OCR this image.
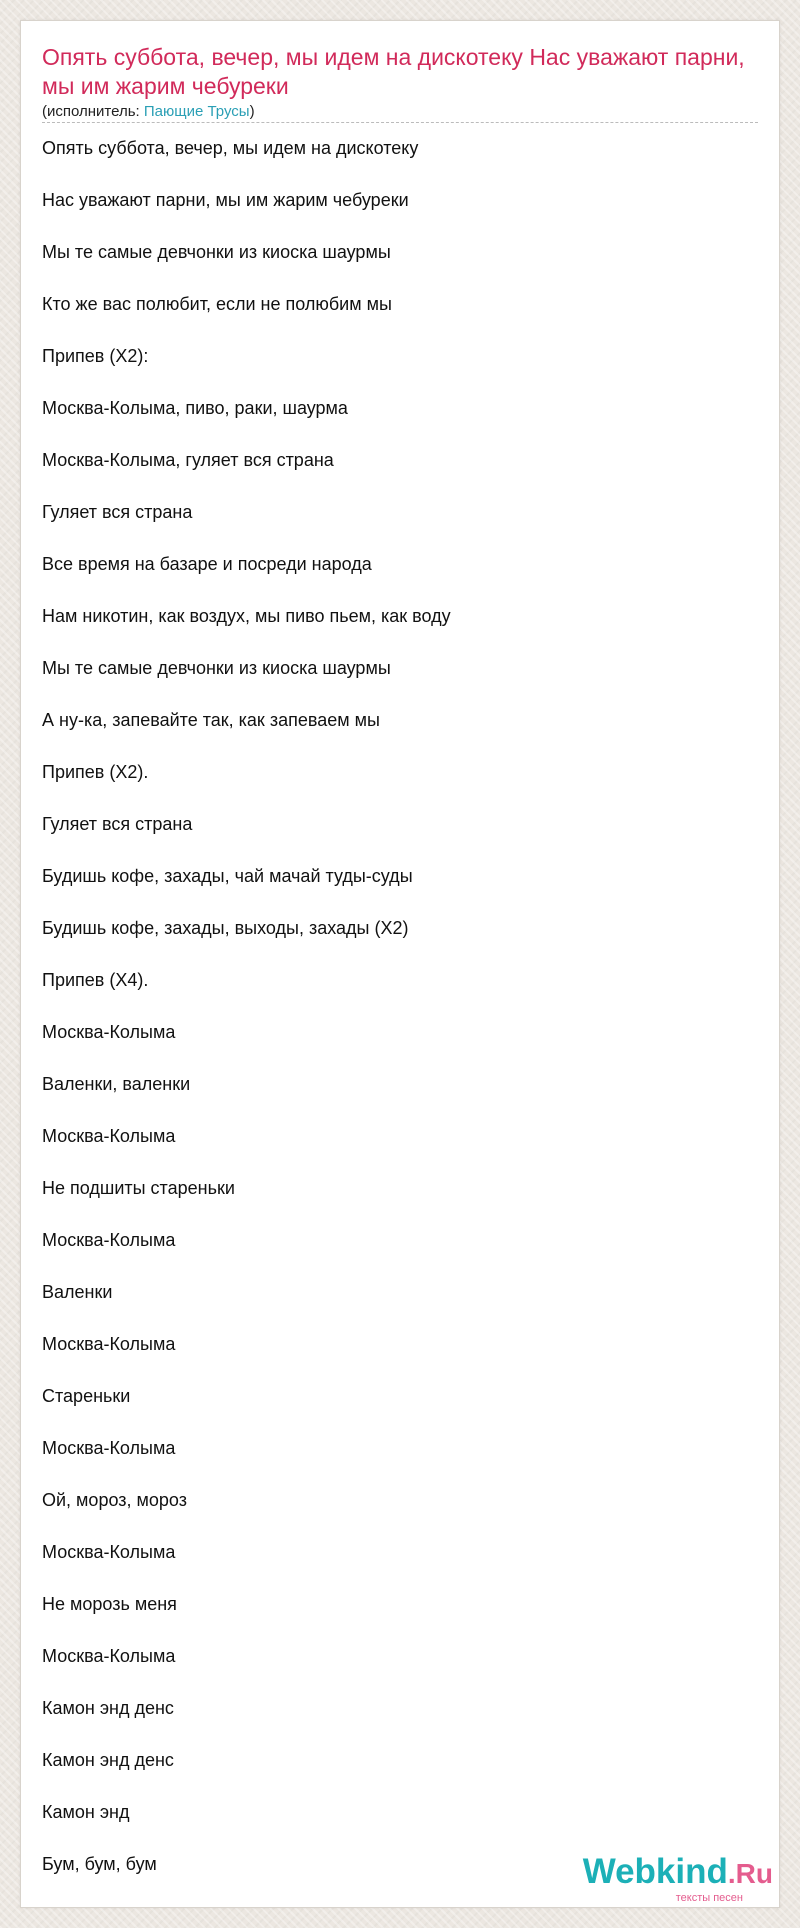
Опять суббота, вечер, мы идем на дискотеку Нас уважают парни, мы им жарим чебуреки
(исполнитель: Пающие Трусы)
Опять суббота, вечер, мы идем на дискотеку
Нас уважают парни, мы им жарим чебуреки
Мы те самые девчонки из киоска шаурмы
Кто же вас полюбит, если не полюбим мы
Припев (Х2):
Москва-Колыма, пиво, раки, шаурма
Москва-Колыма, гуляет вся страна
Гуляет вся страна
Все время на базаре и посреди народа
Нам никотин, как воздух, мы пиво пьем, как воду
Мы те самые девчонки из киоска шаурмы
А ну-ка, запевайте так, как запеваем мы
Припев (Х2).
Гуляет вся страна
Будишь кофе, захады, чай мачай туды-суды
Будишь кофе, захады, выходы, захады (Х2)
Припев (Х4).
Москва-Колыма
Валенки, валенки
Москва-Колыма
Не подшиты стареньки
Москва-Колыма
Валенки
Москва-Колыма
Стареньки
Москва-Колыма
Ой, мороз, мороз
Москва-Колыма
Не морозь меня
Москва-Колыма
Камон энд денс
Камон энд денс
Камон энд
Бум, бум, бум	Webkind.Ru
тексты песен
